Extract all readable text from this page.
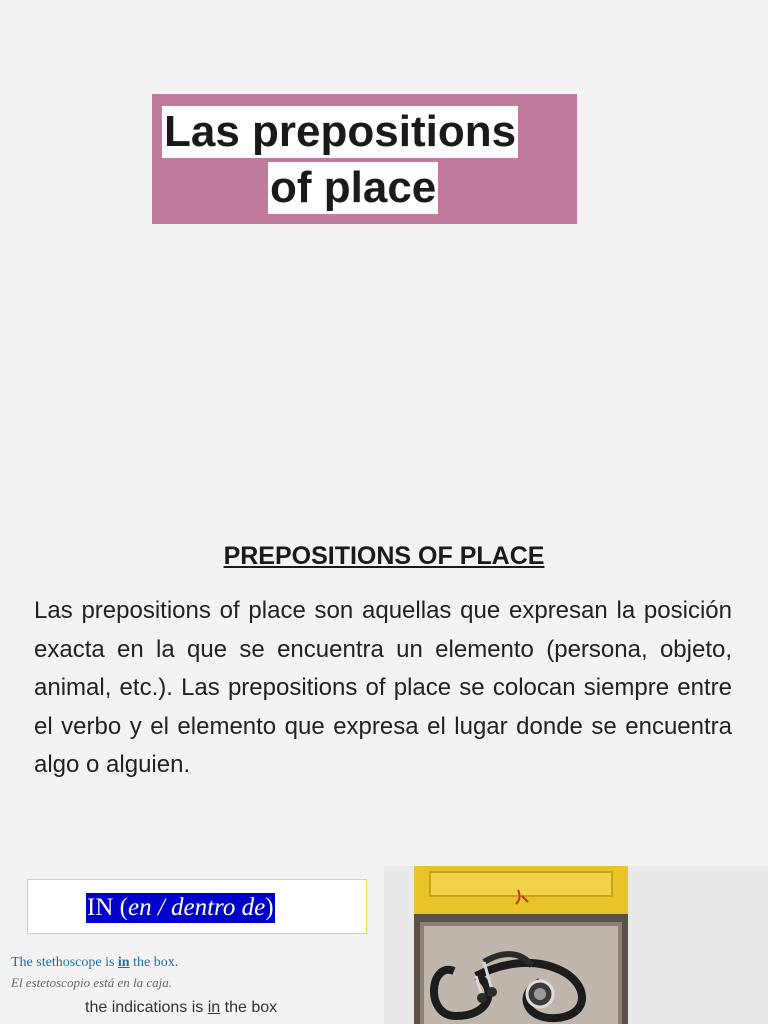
Las prepositions
of place
PREPOSITIONS OF PLACE

Las prepositions of place son aquellas que expresan la posición exacta en la que se encuentra un elemento (persona, objeto, animal, etc.). Las prepositions of place se colocan siempre entre el verbo y el elemento que expresa el lugar donde se encuentra algo o alguien.

IN (en / dentro de)

The stethoscope is in the box.

El estetoscopio está en la caja.

the indications is in the box
